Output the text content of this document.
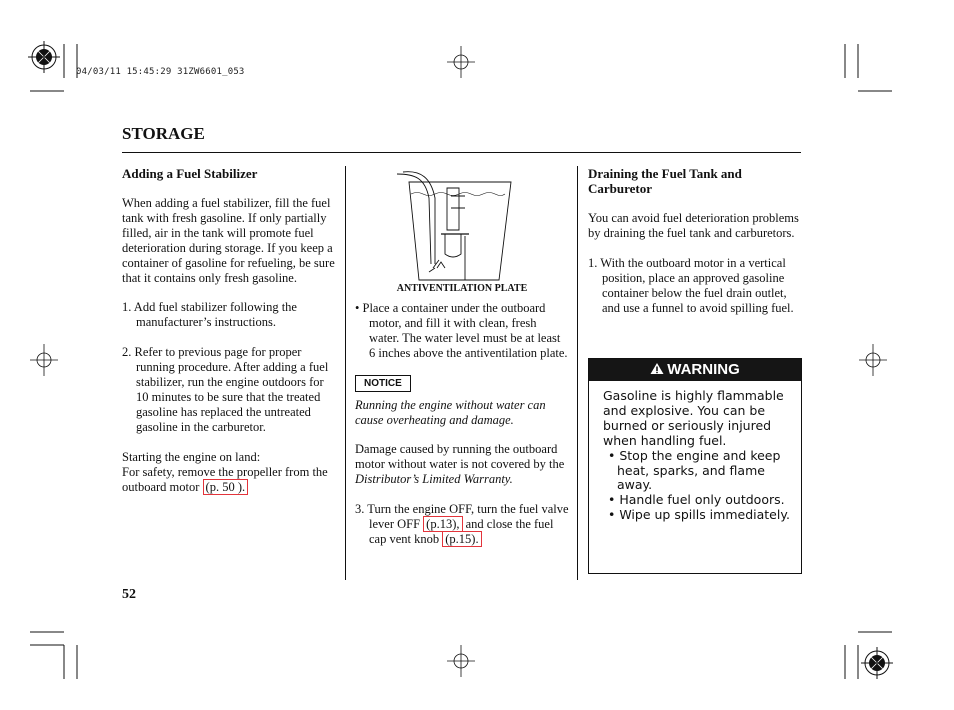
04/03/11 15:45:29 31ZW6601_053
STORAGE

Adding a Fuel Stabilizer

When adding a fuel stabilizer, fill the fuel tank with fresh gasoline. If only partially filled, air in the tank will promote fuel deterioration during storage. If you keep a container of gasoline for refueling, be sure that it contains only fresh gasoline.

1. Add fuel stabilizer following the manufacturer’s instructions.

2. Refer to previous page for proper running procedure. After adding a fuel stabilizer, run the engine outdoors for 10 minutes to be sure that the treated gasoline has replaced the untreated gasoline in the carburetor.

Starting the engine on land:

For safety, remove the propeller from the outboard motor (p. 50 ).

ANTIVENTILATION PLATE

• Place a container under the outboard motor, and fill it with clean, fresh water. The water level must be at least 6 inches above the antiventilation plate.

NOTICE

Running the engine without water can cause overheating and damage.

Damage caused by running the outboard motor without water is not covered by the Distributor’s Limited Warranty.

3. Turn the engine OFF, turn the fuel valve lever OFF (p.13), and close the fuel cap vent knob (p.15).

Draining the Fuel Tank and Carburetor

You can avoid fuel deterioration problems by draining the fuel tank and carburetors.

1. With the outboard motor in a vertical position, place an approved gasoline container below the fuel drain outlet, and use a funnel to avoid spilling fuel.

WARNING

Gasoline is highly flammable and explosive. You can be burned or seriously injured when handling fuel.

• Stop the engine and keep heat, sparks, and flame away.
• Handle fuel only outdoors.
• Wipe up spills immediately.
52
